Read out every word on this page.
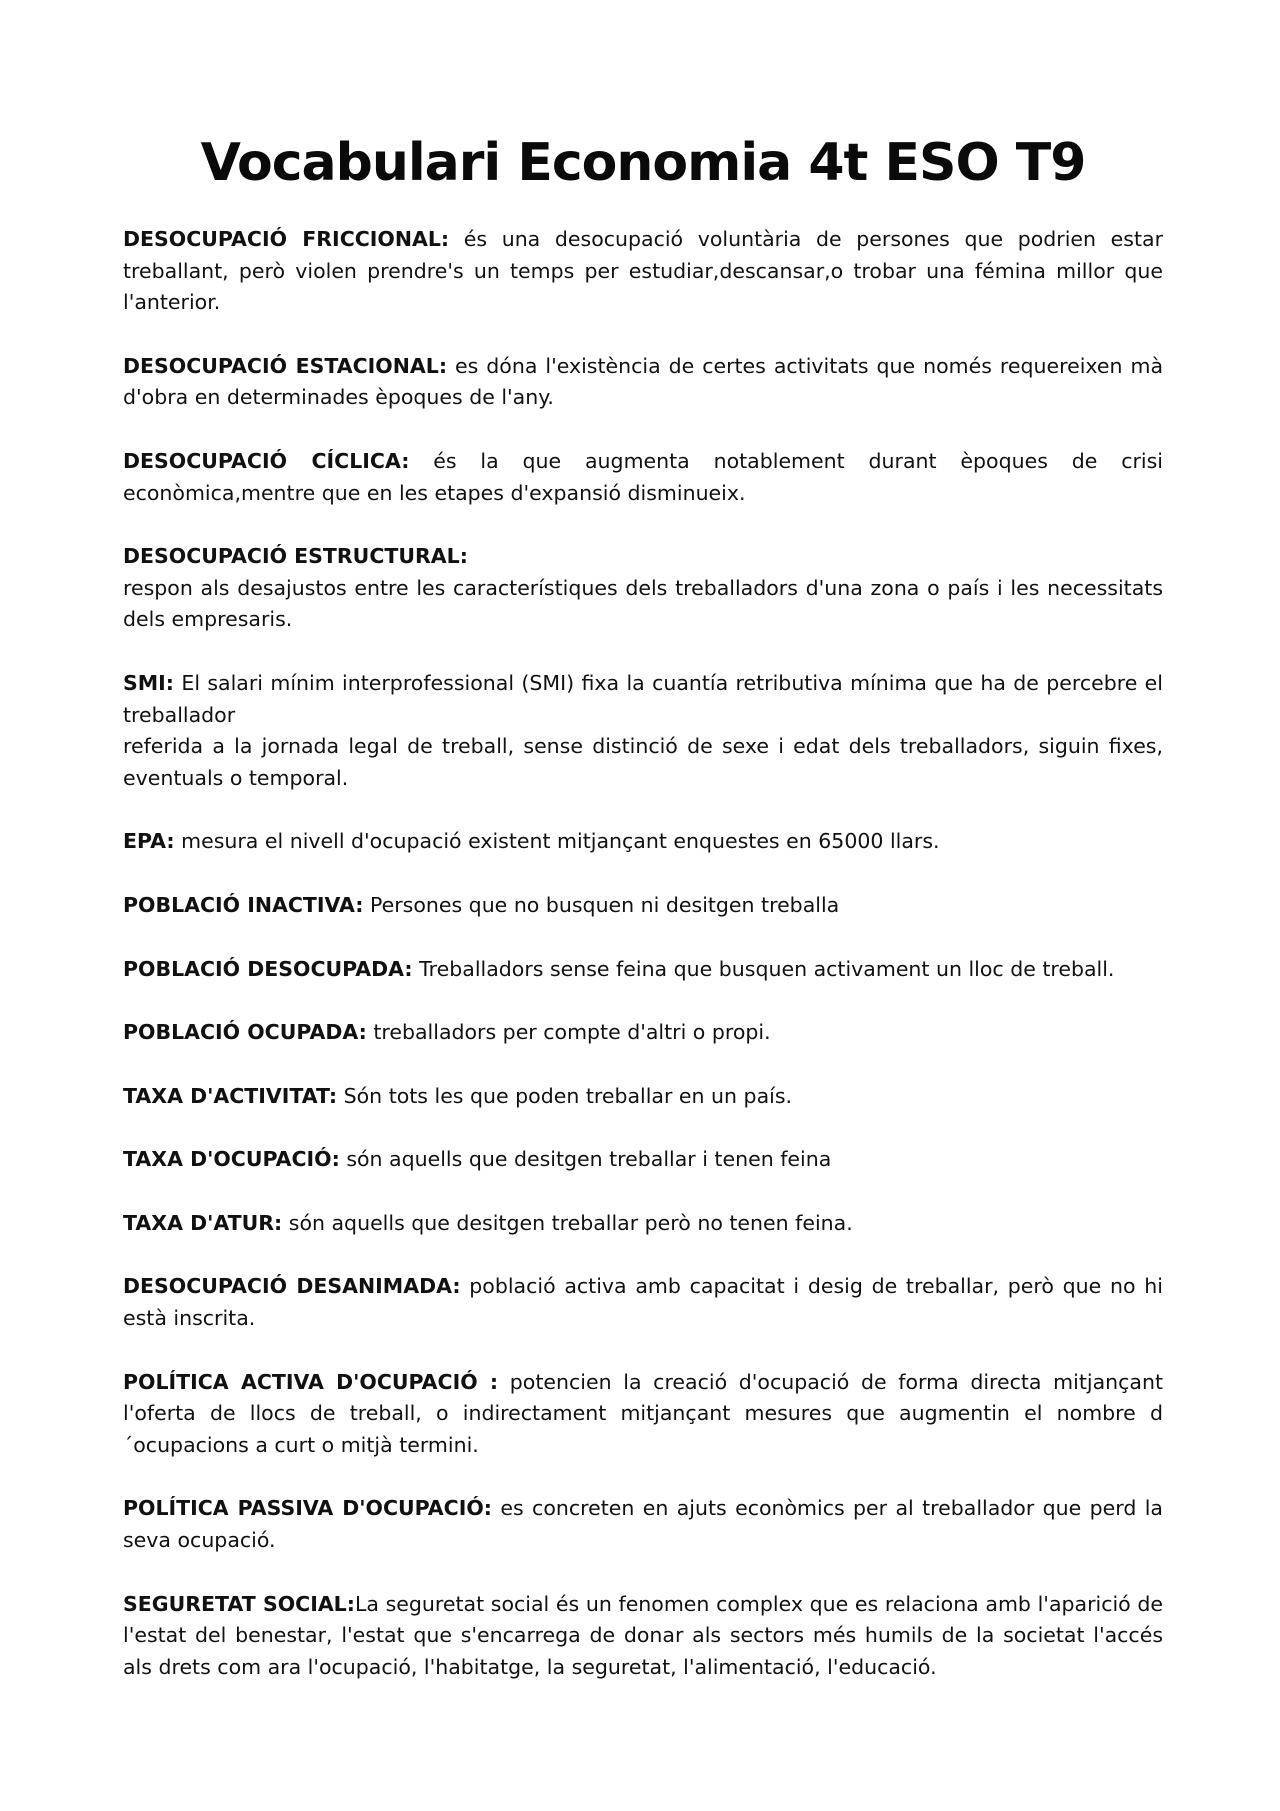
Vocabulari Economia 4t ESO T9

DESOCUPACIÓ FRICCIONAL: és una desocupació voluntària de persones que podrien estar treballant, però violen prendre's un temps per estudiar,descansar,o trobar una fémina millor que l'anterior.

DESOCUPACIÓ ESTACIONAL: es dóna l'existència de certes activitats que només requereixen mà d'obra en determinades èpoques de l'any.

DESOCUPACIÓ CÍCLICA: és la que augmenta notablement durant èpoques de crisi econòmica,mentre que en les etapes d'expansió disminueix.

DESOCUPACIÓ ESTRUCTURAL:
respon als desajustos entre les característiques dels treballadors d'una zona o país i les necessitats dels empresaris.

SMI: El salari mínim interprofessional (SMI) fixa la cuantía retributiva mínima que ha de percebre el treballador
referida a la jornada legal de treball, sense distinció de sexe i edat dels treballadors, siguin fixes, eventuals o temporal.

EPA: mesura el nivell d'ocupació existent mitjançant enquestes en 65000 llars.

POBLACIÓ INACTIVA: Persones que no busquen ni desitgen treballa

POBLACIÓ DESOCUPADA: Treballadors sense feina que busquen activament un lloc de treball.

POBLACIÓ OCUPADA: treballadors per compte d'altri o propi.

TAXA D'ACTIVITAT: Són tots les que poden treballar en un país.

TAXA D'OCUPACIÓ: són aquells que desitgen treballar i tenen feina

TAXA D'ATUR: són aquells que desitgen treballar però no tenen feina.

DESOCUPACIÓ DESANIMADA: població activa amb capacitat i desig de treballar, però que no hi està inscrita.

POLÍTICA ACTIVA D'OCUPACIÓ : potencien la creació d'ocupació de forma directa mitjançant l'oferta de llocs de treball, o indirectament mitjançant mesures que augmentin el nombre d ´ocupacions a curt o mitjà termini.

POLÍTICA PASSIVA D'OCUPACIÓ: es concreten en ajuts econòmics per al treballador que perd la seva ocupació.

SEGURETAT SOCIAL:La seguretat social és un fenomen complex que es relaciona amb l'aparició de l'estat del benestar, l'estat que s'encarrega de donar als sectors més humils de la societat l'accés als drets com ara l'ocupació, l'habitatge, la seguretat, l'alimentació, l'educació.
